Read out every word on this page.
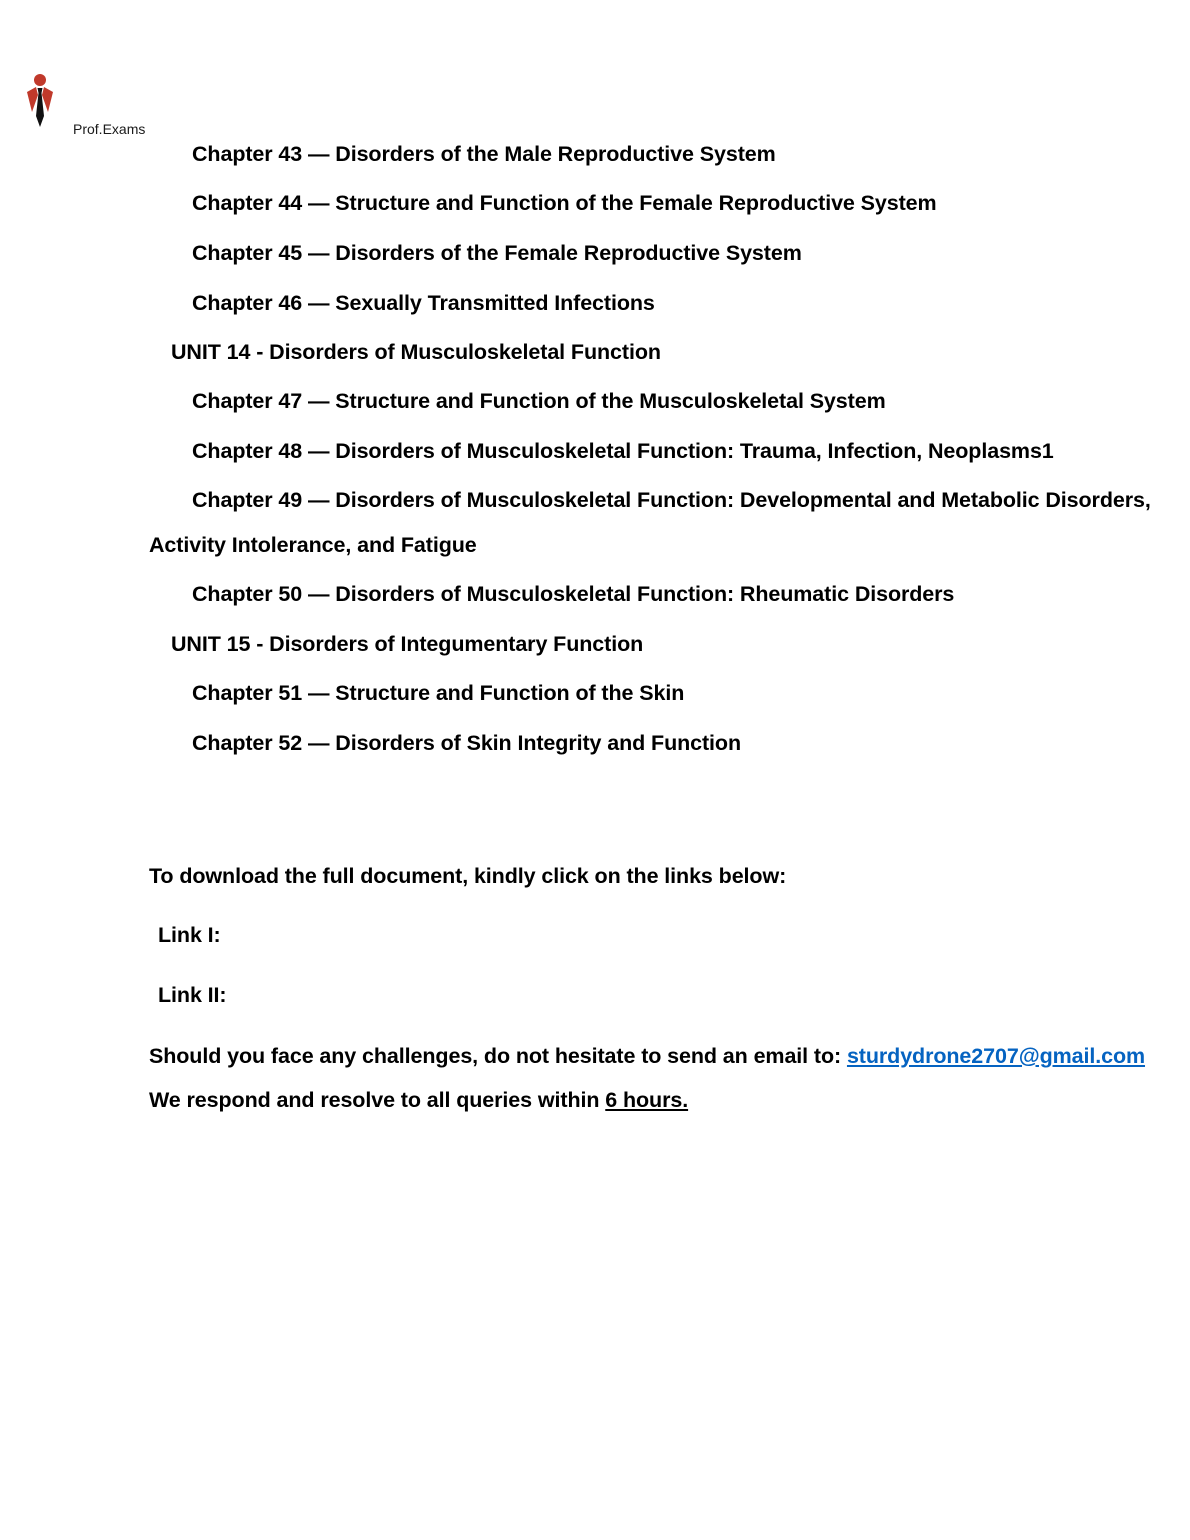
Prof.Exams
Chapter 43 — Disorders of the Male Reproductive System
Chapter 44 — Structure and Function of the Female Reproductive System
Chapter 45 — Disorders of the Female Reproductive System
Chapter 46 — Sexually Transmitted Infections
UNIT 14 - Disorders of Musculoskeletal Function
Chapter 47 — Structure and Function of the Musculoskeletal System
Chapter 48 — Disorders of Musculoskeletal Function: Trauma, Infection, Neoplasms1
Chapter 49 — Disorders of Musculoskeletal Function: Developmental and Metabolic Disorders,
Activity Intolerance, and Fatigue
Chapter 50 — Disorders of Musculoskeletal Function: Rheumatic Disorders
UNIT 15 - Disorders of Integumentary Function
Chapter 51 — Structure and Function of the Skin
Chapter 52 — Disorders of Skin Integrity and Function
To download the full document, kindly click on the links below:
Link I:
Link II:
Should you face any challenges, do not hesitate to send an email to: sturdydrone2707@gmail.com
We respond and resolve to all queries within 6 hours.
